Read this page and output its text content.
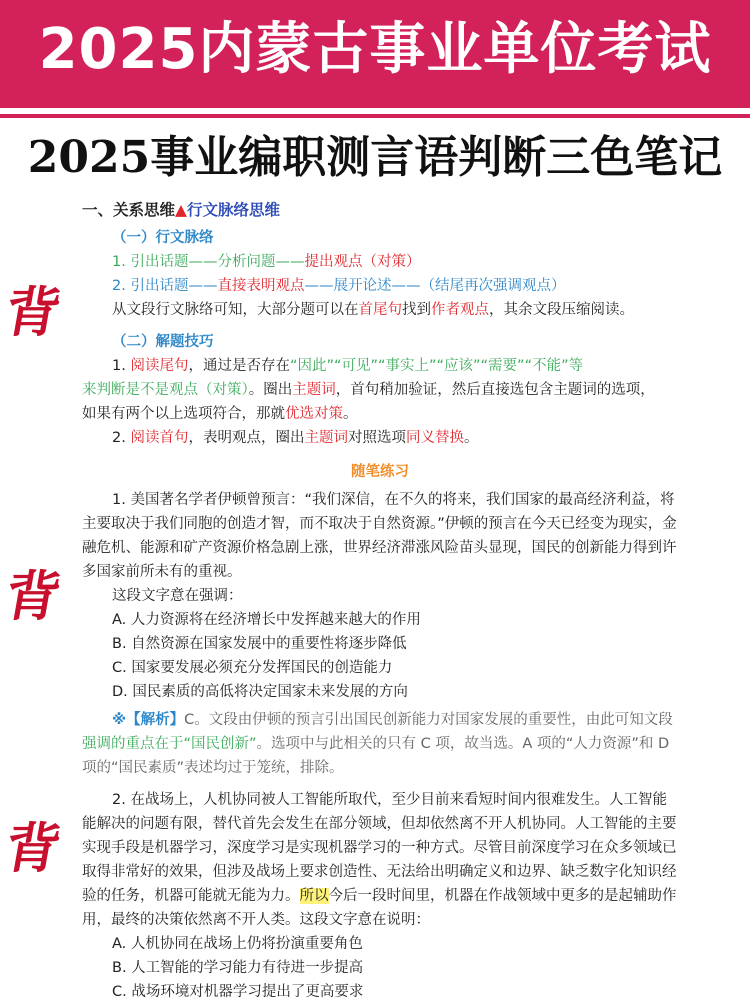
2025内蒙古事业单位考试
2025事业编职测言语判断三色笔记
背
背
背
一、关系思维▲行文脉络思维
（一）行文脉络
1. 引出话题——分析问题——提出观点（对策）
2. 引出话题——直接表明观点——展开论述——（结尾再次强调观点）
从文段行文脉络可知，大部分题可以在首尾句找到作者观点，其余文段压缩阅读。
（二）解题技巧
1. 阅读尾句，通过是否存在“因此”“可见”“事实上”“应该”“需要”“不能”等
来判断是不是观点（对策）。圈出主题词，首句稍加验证，然后直接选包含主题词的选项，
如果有两个以上选项符合，那就优选对策。
2. 阅读首句，表明观点，圈出主题词对照选项同义替换。
随笔练习
1. 美国著名学者伊顿曾预言：“我们深信，在不久的将来，我们国家的最高经济利益，将主要取决于我们同胞的创造才智，而不取决于自然资源。”伊顿的预言在今天已经变为现实，金融危机、能源和矿产资源价格急剧上涨，世界经济滞涨风险苗头显现，国民的创新能力得到许多国家前所未有的重视。
这段文字意在强调：
A. 人力资源将在经济增长中发挥越来越大的作用
B. 自然资源在国家发展中的重要性将逐步降低
C. 国家要发展必须充分发挥国民的创造能力
D. 国民素质的高低将决定国家未来发展的方向
※【解析】C。文段由伊顿的预言引出国民创新能力对国家发展的重要性，由此可知文段强调的重点在于“国民创新”。选项中与此相关的只有 C 项，故当选。A 项的“人力资源”和 D 项的“国民素质”表述均过于笼统，排除。
2. 在战场上，人机协同被人工智能所取代，至少目前来看短时间内很难发生。人工智能能解决的问题有限，替代首先会发生在部分领域，但却依然离不开人机协同。人工智能的主要实现手段是机器学习，深度学习是实现机器学习的一种方式。尽管目前深度学习在众多领域已取得非常好的效果，但涉及战场上要求创造性、无法给出明确定义和边界、缺乏数字化知识经验的任务，机器可能就无能为力。所以今后一段时间里，机器在作战领域中更多的是起辅助作用，最终的决策依然离不开人类。这段文字意在说明：
A. 人机协同在战场上仍将扮演重要角色
B. 人工智能的学习能力有待进一步提高
C. 战场环境对机器学习提出了更高要求
